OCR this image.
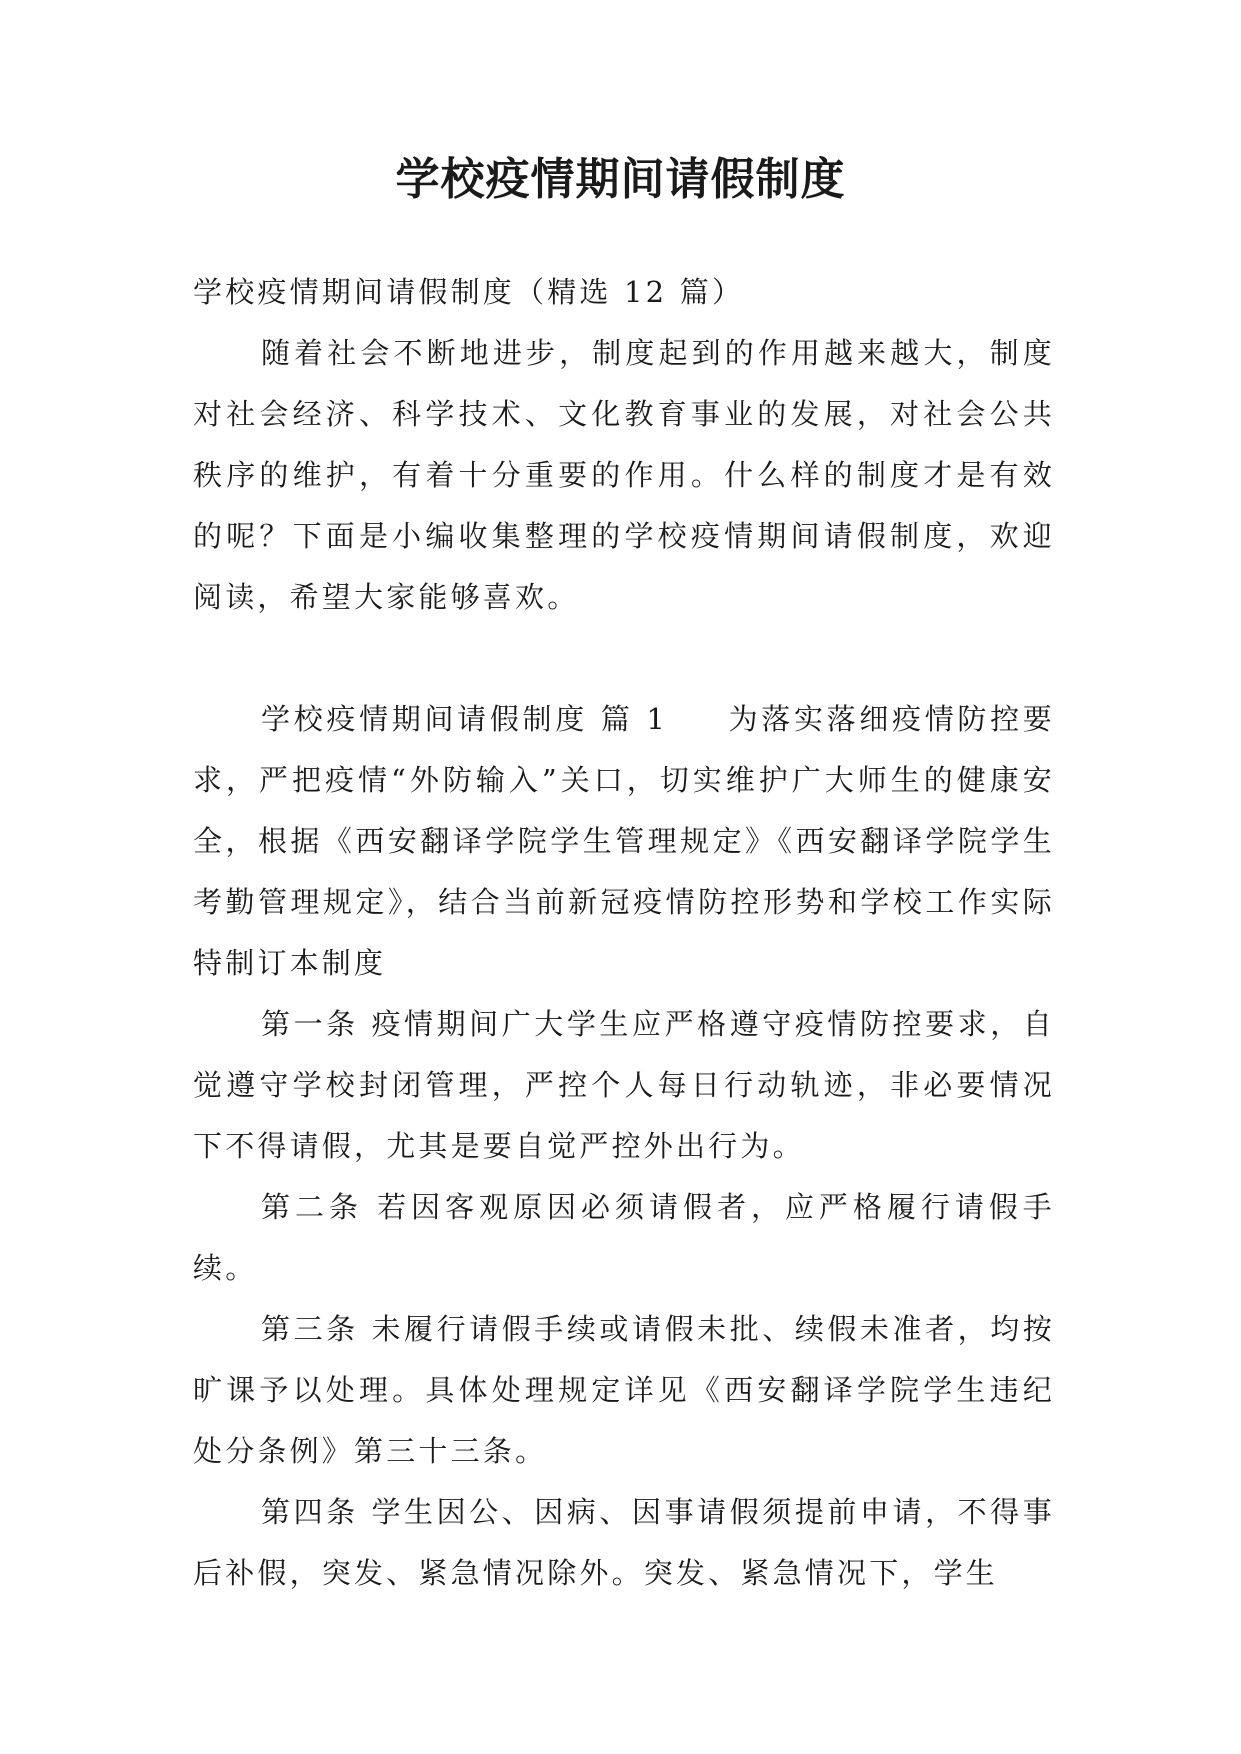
学校疫情期间请假制度

学校疫情期间请假制度（精选 12 篇）

随着社会不断地进步，制度起到的作用越来越大，制度对社会经济、科学技术、文化教育事业的发展，对社会公共秩序的维护，有着十分重要的作用。什么样的制度才是有效的呢？下面是小编收集整理的学校疫情期间请假制度，欢迎阅读，希望大家能够喜欢。

学校疫情期间请假制度 篇 1 为落实落细疫情防控要求，严把疫情“外防输入”关口，切实维护广大师生的健康安全，根据《西安翻译学院学生管理规定》《西安翻译学院学生考勤管理规定》，结合当前新冠疫情防控形势和学校工作实际特制订本制度

第一条 疫情期间广大学生应严格遵守疫情防控要求，自觉遵守学校封闭管理，严控个人每日行动轨迹，非必要情况下不得请假，尤其是要自觉严控外出行为。

第二条 若因客观原因必须请假者，应严格履行请假手续。

第三条 未履行请假手续或请假未批、续假未准者，均按旷课予以处理。具体处理规定详见《西安翻译学院学生违纪处分条例》第三十三条。

第四条 学生因公、因病、因事请假须提前申请，不得事后补假，突发、紧急情况除外。突发、紧急情况下，学生
